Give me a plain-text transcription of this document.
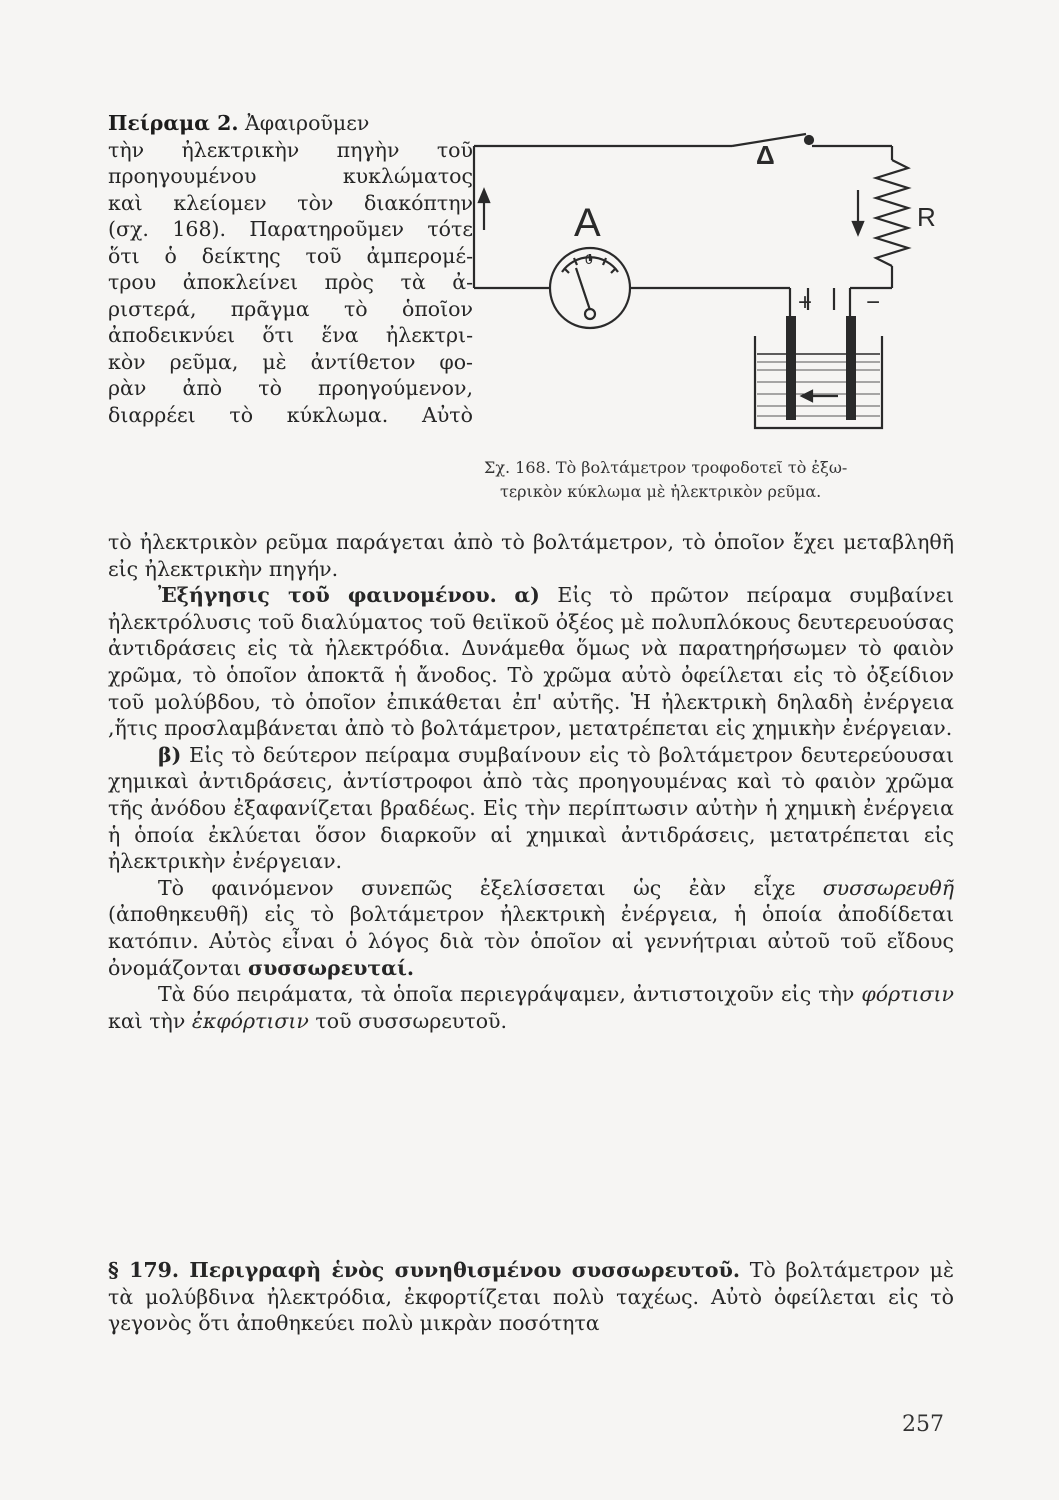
Πείραμα 2. Ἀφαιροῦμεν
τὴν ἠλεκτρικὴν πηγὴν τοῦ
προηγουμένου κυκλώματος
καὶ κλείομεν τὸν διακόπτην
(σχ. 168). Παρατηροῦμεν τότε
ὅτι ὁ δείκτης τοῦ ἀμπερομέ-
τρου ἀποκλείνει πρὸς τὰ ἀ-
ριστερά, πρᾶγμα τὸ ὁποῖον
ἀποδεικνύει ὅτι ἕνα ἠλεκτρι-
κὸν ρεῦμα, μὲ ἀντίθετον φο-
ρὰν ἀπὸ τὸ προηγούμενον,
διαρρέει τὸ κύκλωμα. Αὐτὸ
Δ
R
A
0
+ −
Σχ. 168. Τὸ βολτάμετρον τροφοδοτεῖ τὸ ἐξω-
τερικὸν κύκλωμα μὲ ἠλεκτρικὸν ρεῦμα.

τὸ ἠλεκτρικὸν ρεῦμα παράγεται ἀπὸ τὸ βολτάμετρον, τὸ ὁποῖον ἔχει μεταβληθῆ εἰς ἠλεκτρικὴν πηγήν.

Ἐξήγησις τοῦ φαινομένου. α) Εἰς τὸ πρῶτον πείραμα συμβαίνει ἠλεκτρόλυσις τοῦ διαλύματος τοῦ θειϊκοῦ ὀξέος μὲ πολυπλόκους δευτερευούσας ἀντιδράσεις εἰς τὰ ἠλεκτρόδια. Δυνάμεθα ὅμως νὰ παρατηρήσωμεν τὸ φαιὸν χρῶμα, τὸ ὁποῖον ἀποκτᾶ ἡ ἄνοδος. Τὸ χρῶμα αὐτὸ ὀφείλεται εἰς τὸ ὀξείδιον τοῦ μολύβδου, τὸ ὁποῖον ἐπικάθεται ἐπ' αὐτῆς. Ἡ ἠλεκτρικὴ δηλαδὴ ἐνέργεια ,ἥτις προσλαμβάνεται ἀπὸ τὸ βολτάμετρον, μετατρέπεται εἰς χημικὴν ἐνέργειαν.

β) Εἰς τὸ δεύτερον πείραμα συμβαίνουν εἰς τὸ βολτάμετρον δευτερεύουσαι χημικαὶ ἀντιδράσεις, ἀντίστροφοι ἀπὸ τὰς προηγουμένας καὶ τὸ φαιὸν χρῶμα τῆς ἀνόδου ἐξαφανίζεται βραδέως. Εἰς τὴν περίπτωσιν αὐτὴν ἡ χημικὴ ἐνέργεια ἡ ὁποία ἐκλύεται ὅσον διαρκοῦν αἱ χημικαὶ ἀντιδράσεις, μετατρέπεται εἰς ἠλεκτρικὴν ἐνέργειαν.

Τὸ φαινόμενον συνεπῶς ἐξελίσσεται ὡς ἐὰν εἶχε συσσωρευθῆ (ἀποθηκευθῆ) εἰς τὸ βολτάμετρον ἠλεκτρικὴ ἐνέργεια, ἡ ὁποία ἀποδίδεται κατόπιν. Αὐτὸς εἶναι ὁ λόγος διὰ τὸν ὁποῖον αἱ γεννήτριαι αὐτοῦ τοῦ εἴδους ὀνομάζονται συσσωρευταί.

Τὰ δύο πειράματα, τὰ ὁποῖα περιεγράψαμεν, ἀντιστοιχοῦν εἰς τὴν φόρτισιν καὶ τὴν ἐκφόρτισιν τοῦ συσσωρευτοῦ.

§ 179. Περιγραφὴ ἑνὸς συνηθισμένου συσσωρευτοῦ. Τὸ βολτάμετρον μὲ τὰ μολύβδινα ἠλεκτρόδια, ἐκφορτίζεται πολὺ ταχέως. Αὐτὸ ὀφείλεται εἰς τὸ γεγονὸς ὅτι ἀποθηκεύει πολὺ μικρὰν ποσότητα
257
